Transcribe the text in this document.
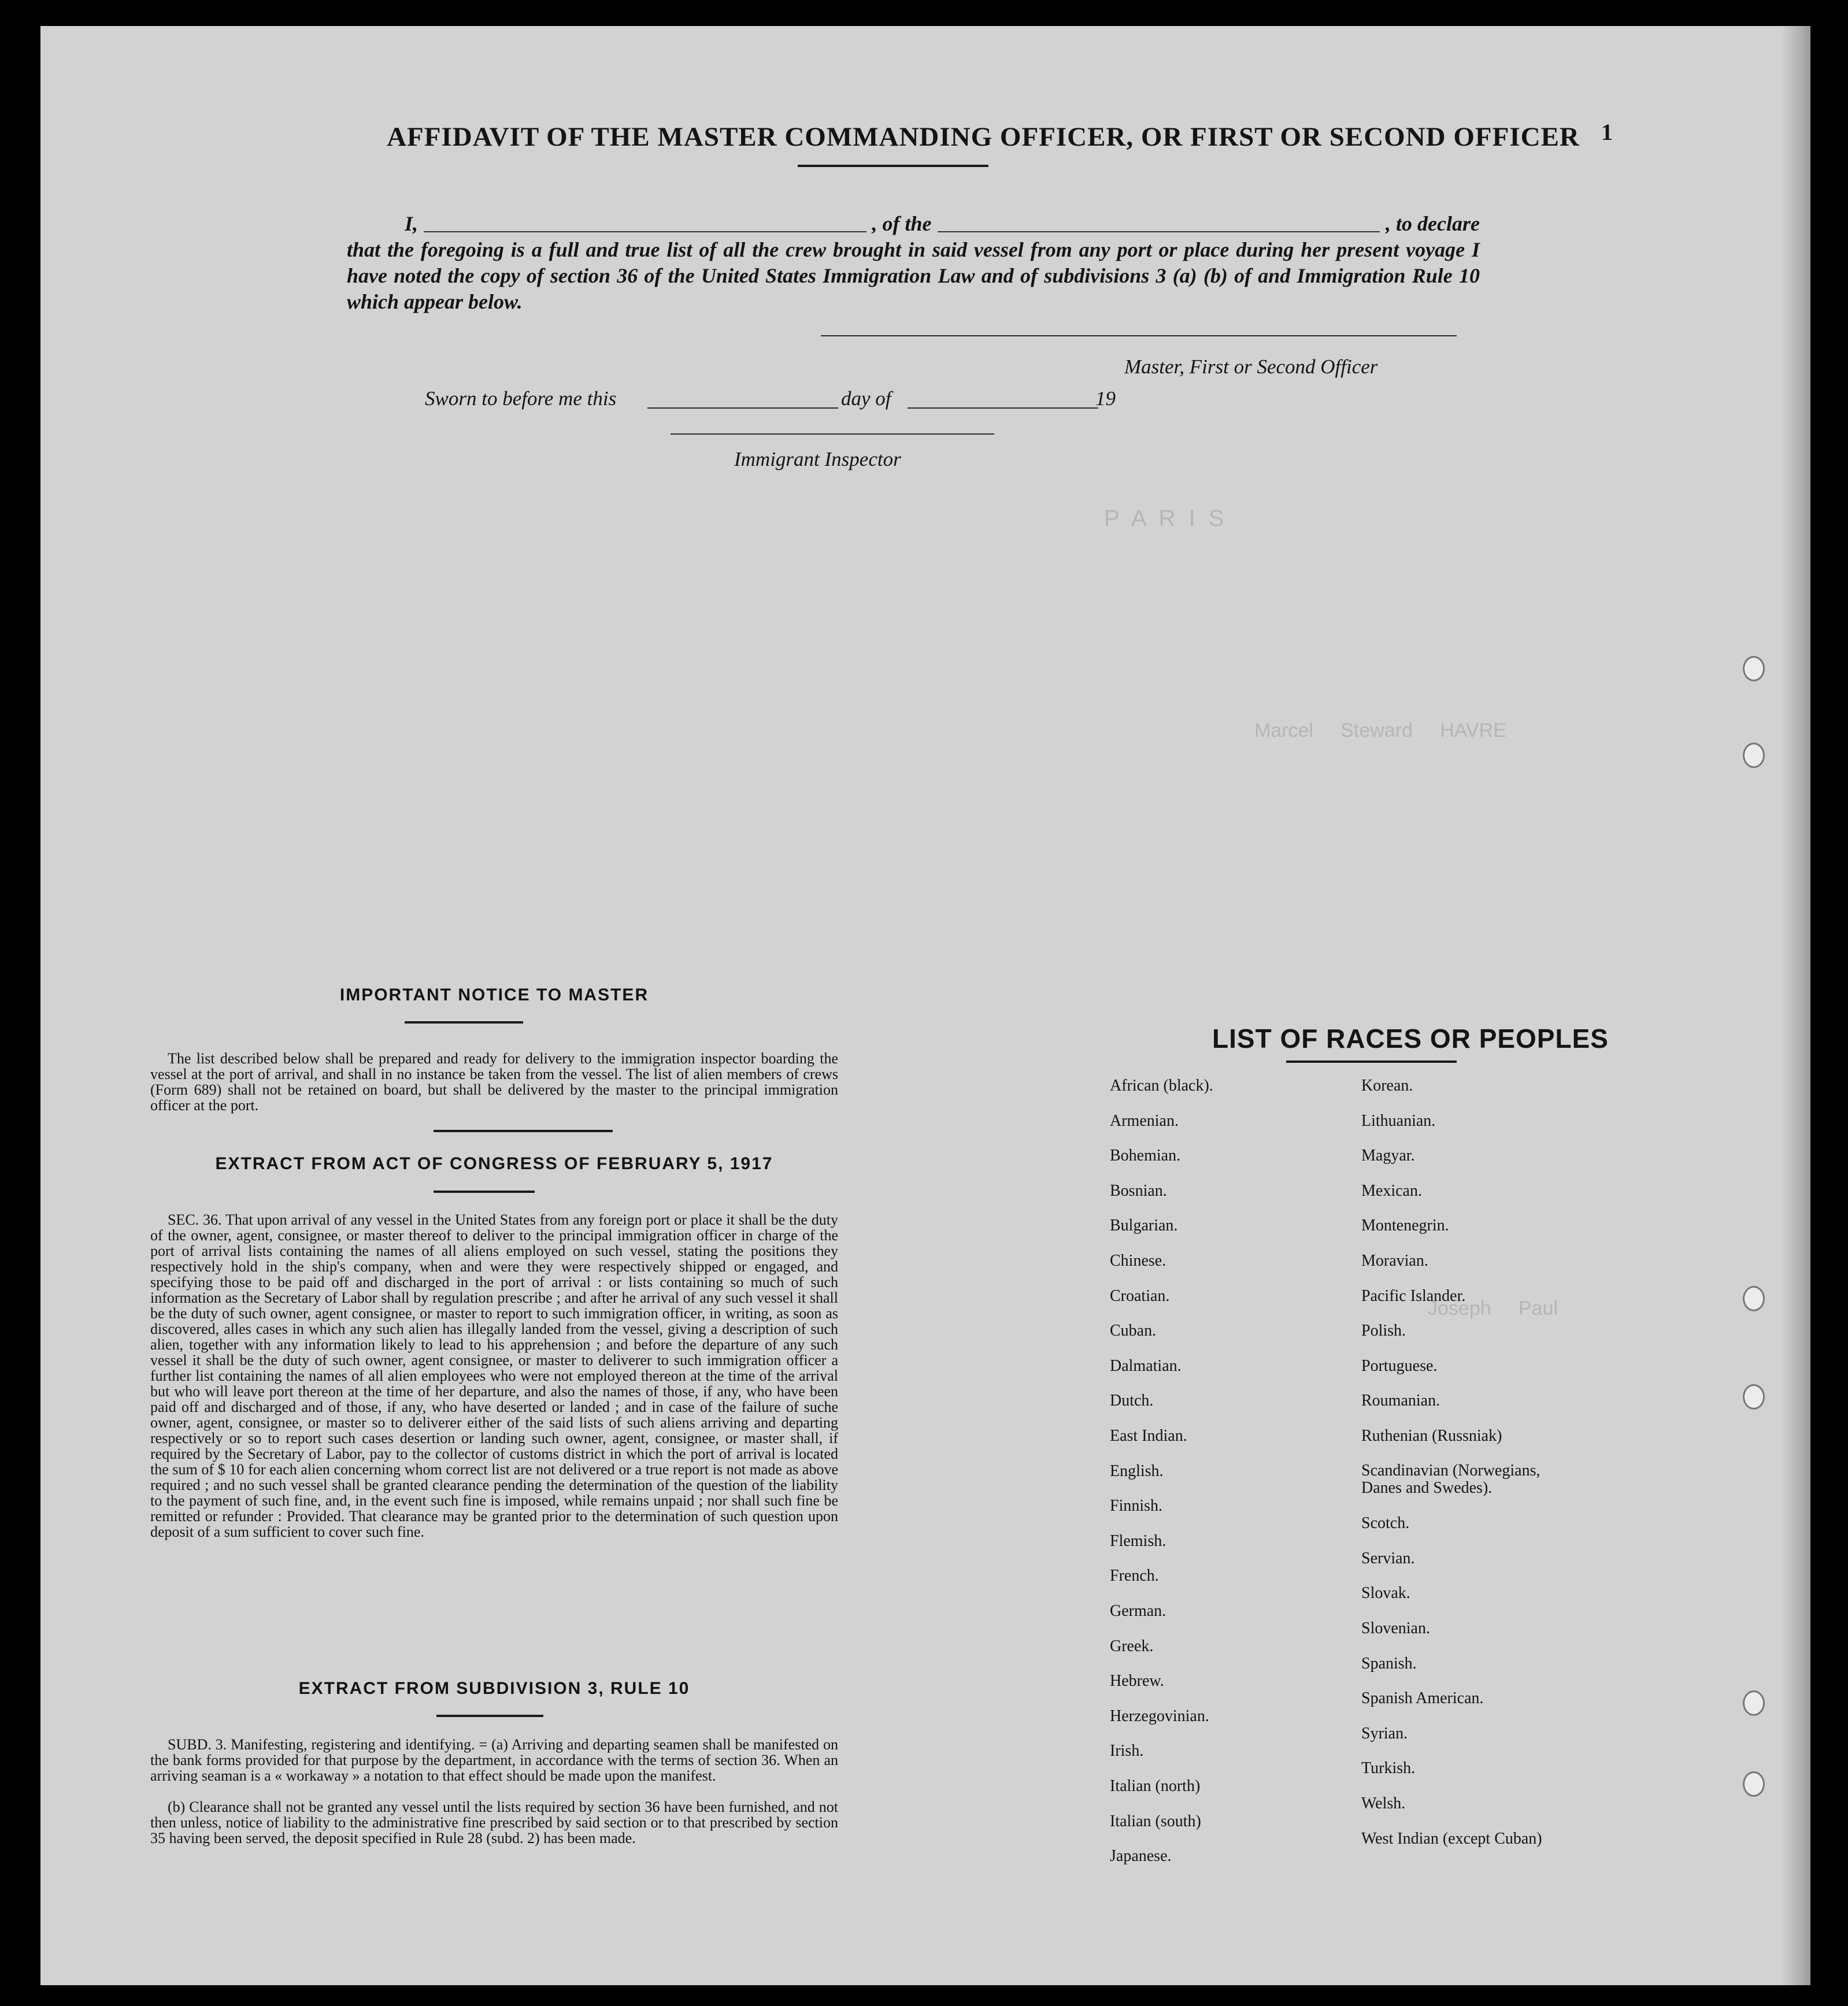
P A R I S
Marcel     Steward     HAVRE
Joseph     Paul
AFFIDAVIT OF THE MASTER COMMANDING OFFICER, OR FIRST OR SECOND OFFICER 1
I,	, of the	, to declare
that the foregoing is a full and true list of all the crew brought in said vessel from any port or place during her present voyage I have noted the copy of section 36 of the United States Immigration Law and of subdivisions 3 (a) (b) of and Immigration Rule 10 which appear below.
Master, First or Second Officer
Sworn to before me this	day of	19
Immigrant Inspector
IMPORTANT NOTICE TO MASTER
The list described below shall be prepared and ready for delivery to the immigration inspector boarding the vessel at the port of arrival, and shall in no instance be taken from the vessel. The list of alien members of crews (Form 689) shall not be retained on board, but shall be delivered by the master to the principal immigration officer at the port.
EXTRACT FROM ACT OF CONGRESS OF FEBRUARY 5, 1917
SEC. 36. That upon arrival of any vessel in the United States from any foreign port or place it shall be the duty of the owner, agent, consignee, or master thereof to deliver to the principal immigration officer in charge of the port of arrival lists containing the names of all aliens employed on such vessel, stating the positions they respectively hold in the ship's company, when and were they were respectively shipped or engaged, and specifying those to be paid off and discharged in the port of arrival : or lists containing so much of such information as the Secretary of Labor shall by regulation prescribe ; and after he arrival of any such vessel it shall be the duty of such owner, agent consignee, or master to report to such immigration officer, in writing, as soon as discovered, alles cases in which any such alien has illegally landed from the vessel, giving a description of such alien, together with any information likely to lead to his apprehension ; and before the departure of any such vessel it shall be the duty of such owner, agent consignee, or master to deliverer to such immigration officer a further list containing the names of all alien employees who were not employed thereon at the time of the arrival but who will leave port thereon at the time of her departure, and also the names of those, if any, who have been paid off and discharged and of those, if any, who have deserted or landed ; and in case of the failure of suche owner, agent, consignee, or master so to deliverer either of the said lists of such aliens arriving and departing respectively or so to report such cases desertion or landing such owner, agent, consignee, or master shall, if required by the Secretary of Labor, pay to the collector of customs district in which the port of arrival is located the sum of $ 10 for each alien concerning whom correct list are not delivered or a true report is not made as above required ; and no such vessel shall be granted clearance pending the determination of the question of the liability to the payment of such fine, and, in the event such fine is imposed, while remains unpaid ; nor shall such fine be remitted or refunder : Provided. That clearance may be granted prior to the determination of such question upon deposit of a sum sufficient to cover such fine.
EXTRACT FROM SUBDIVISION 3, RULE 10
SUBD. 3. Manifesting, registering and identifying. = (a) Arriving and departing seamen shall be manifested on the bank forms provided for that purpose by the department, in accordance with the terms of section 36. When an arriving seaman is a « workaway » a notation to that effect should be made upon the manifest.
(b) Clearance shall not be granted any vessel until the lists required by section 36 have been furnished, and not then unless, notice of liability to the administrative fine prescribed by said section or to that prescribed by section 35 having been served, the deposit specified in Rule 28 (subd. 2) has been made.
LIST OF RACES OR PEOPLES
African (black).
Armenian.
Bohemian.
Bosnian.
Bulgarian.
Chinese.
Croatian.
Cuban.
Dalmatian.
Dutch.
East Indian.
English.
Finnish.
Flemish.
French.
German.
Greek.
Hebrew.
Herzegovinian.
Irish.
Italian (north)
Italian (south)
Japanese.
Korean.
Lithuanian.
Magyar.
Mexican.
Montenegrin.
Moravian.
Pacific Islander.
Polish.
Portuguese.
Roumanian.
Ruthenian (Russniak)
Scandinavian (Norwegians, Danes and Swedes).
Scotch.
Servian.
Slovak.
Slovenian.
Spanish.
Spanish American.
Syrian.
Turkish.
Welsh.
West Indian (except Cuban)
